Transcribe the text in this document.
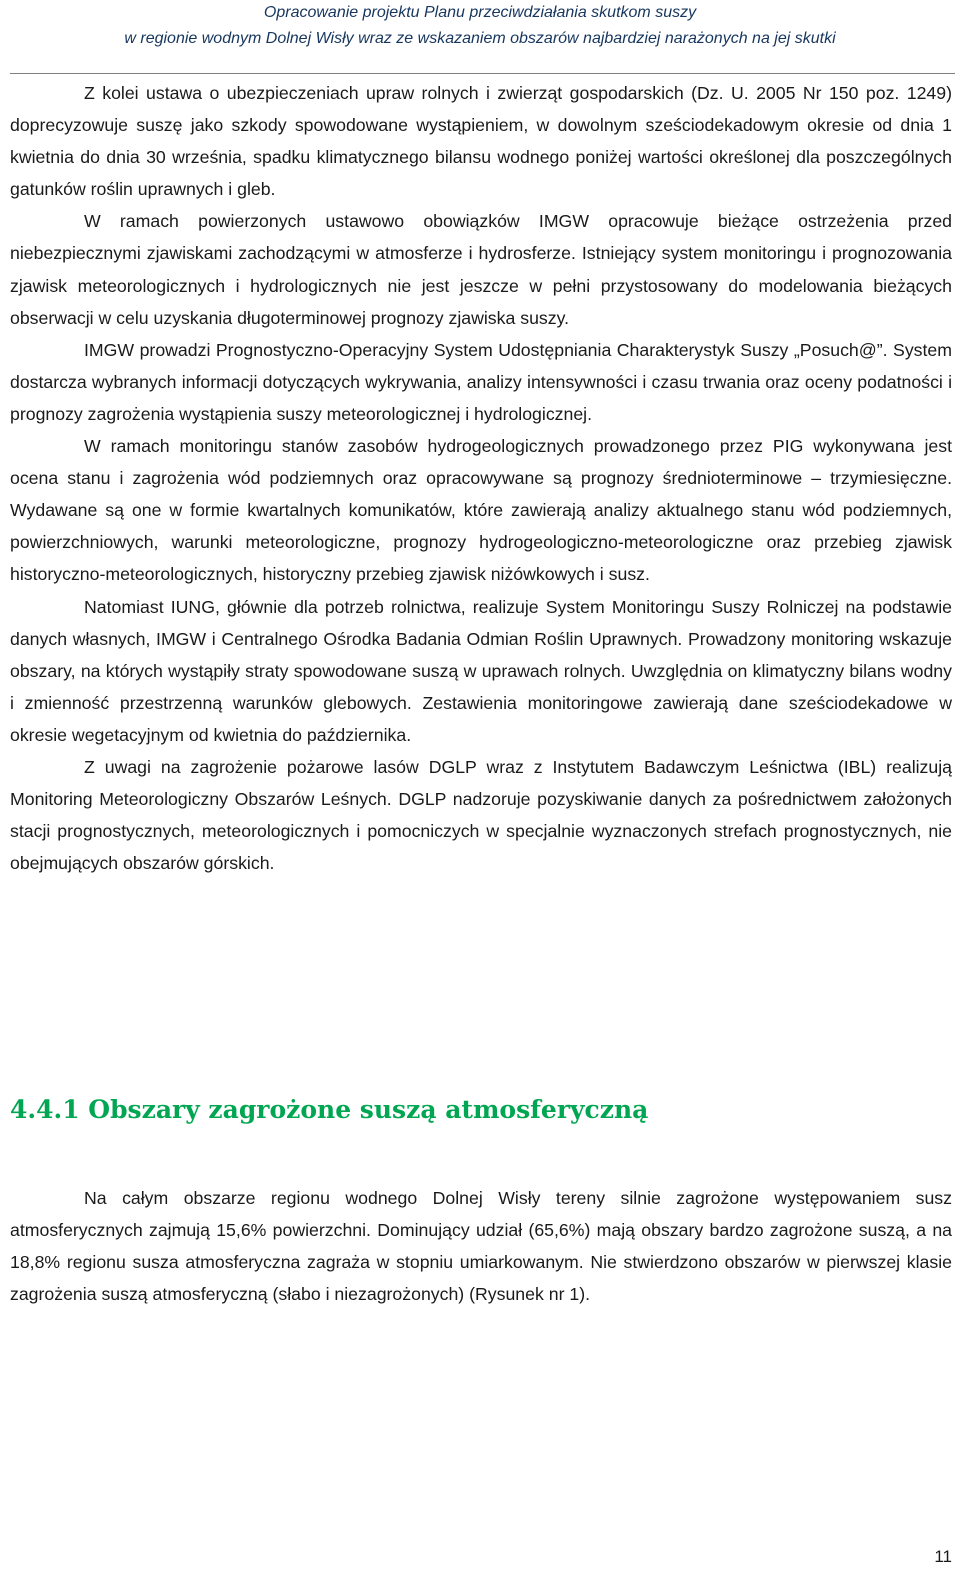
Opracowanie projektu Planu przeciwdziałania skutkom suszy
w regionie wodnym Dolnej Wisły wraz ze wskazaniem obszarów najbardziej narażonych na jej skutki

Z kolei ustawa o ubezpieczeniach upraw rolnych i zwierząt gospodarskich (Dz. U. 2005 Nr 150 poz. 1249) doprecyzowuje suszę jako szkody spowodowane wystąpieniem, w dowolnym sześciodekadowym okresie od dnia 1 kwietnia do dnia 30 września, spadku klimatycznego bilansu wodnego poniżej wartości określonej dla poszczególnych gatunków roślin uprawnych i gleb.

W ramach powierzonych ustawowo obowiązków IMGW opracowuje bieżące ostrzeżenia przed niebezpiecznymi zjawiskami zachodzącymi w atmosferze i hydrosferze. Istniejący system monitoringu i prognozowania zjawisk meteorologicznych i hydrologicznych nie jest jeszcze w pełni przystosowany do modelowania bieżących obserwacji w celu uzyskania długoterminowej prognozy zjawiska suszy.

IMGW prowadzi Prognostyczno-Operacyjny System Udostępniania Charakterystyk Suszy „Posuch@”. System dostarcza wybranych informacji dotyczących wykrywania, analizy intensywności i czasu trwania oraz oceny podatności i prognozy zagrożenia wystąpienia suszy meteorologicznej i hydrologicznej.

W ramach monitoringu stanów zasobów hydrogeologicznych prowadzonego przez PIG wykonywana jest ocena stanu i zagrożenia wód podziemnych oraz opracowywane są prognozy średnioterminowe – trzymiesięczne. Wydawane są one w formie kwartalnych komunikatów, które zawierają analizy aktualnego stanu wód podziemnych, powierzchniowych, warunki meteorologiczne, prognozy hydrogeologiczno-meteorologiczne oraz przebieg zjawisk historyczno-meteorologicznych, historyczny przebieg zjawisk niżówkowych i susz.

Natomiast IUNG, głównie dla potrzeb rolnictwa, realizuje System Monitoringu Suszy Rolniczej na podstawie danych własnych, IMGW i Centralnego Ośrodka Badania Odmian Roślin Uprawnych. Prowadzony monitoring wskazuje obszary, na których wystąpiły straty spowodowane suszą w uprawach rolnych. Uwzględnia on klimatyczny bilans wodny i zmienność przestrzenną warunków glebowych. Zestawienia monitoringowe zawierają dane sześciodekadowe w okresie wegetacyjnym od kwietnia do października.

Z uwagi na zagrożenie pożarowe lasów DGLP wraz z Instytutem Badawczym Leśnictwa (IBL) realizują Monitoring Meteorologiczny Obszarów Leśnych. DGLP nadzoruje pozyskiwanie danych za pośrednictwem założonych stacji prognostycznych, meteorologicznych i pomocniczych w specjalnie wyznaczonych strefach prognostycznych, nie obejmujących obszarów górskich.

4.4.1 Obszary zagrożone suszą atmosferyczną

Na całym obszarze regionu wodnego Dolnej Wisły tereny silnie zagrożone występowaniem susz atmosferycznych zajmują 15,6% powierzchni. Dominujący udział (65,6%) mają obszary bardzo zagrożone suszą, a na 18,8% regionu susza atmosferyczna zagraża w stopniu umiarkowanym. Nie stwierdzono obszarów w pierwszej klasie zagrożenia suszą atmosferyczną (słabo i niezagrożonych) (Rysunek nr 1).

11
